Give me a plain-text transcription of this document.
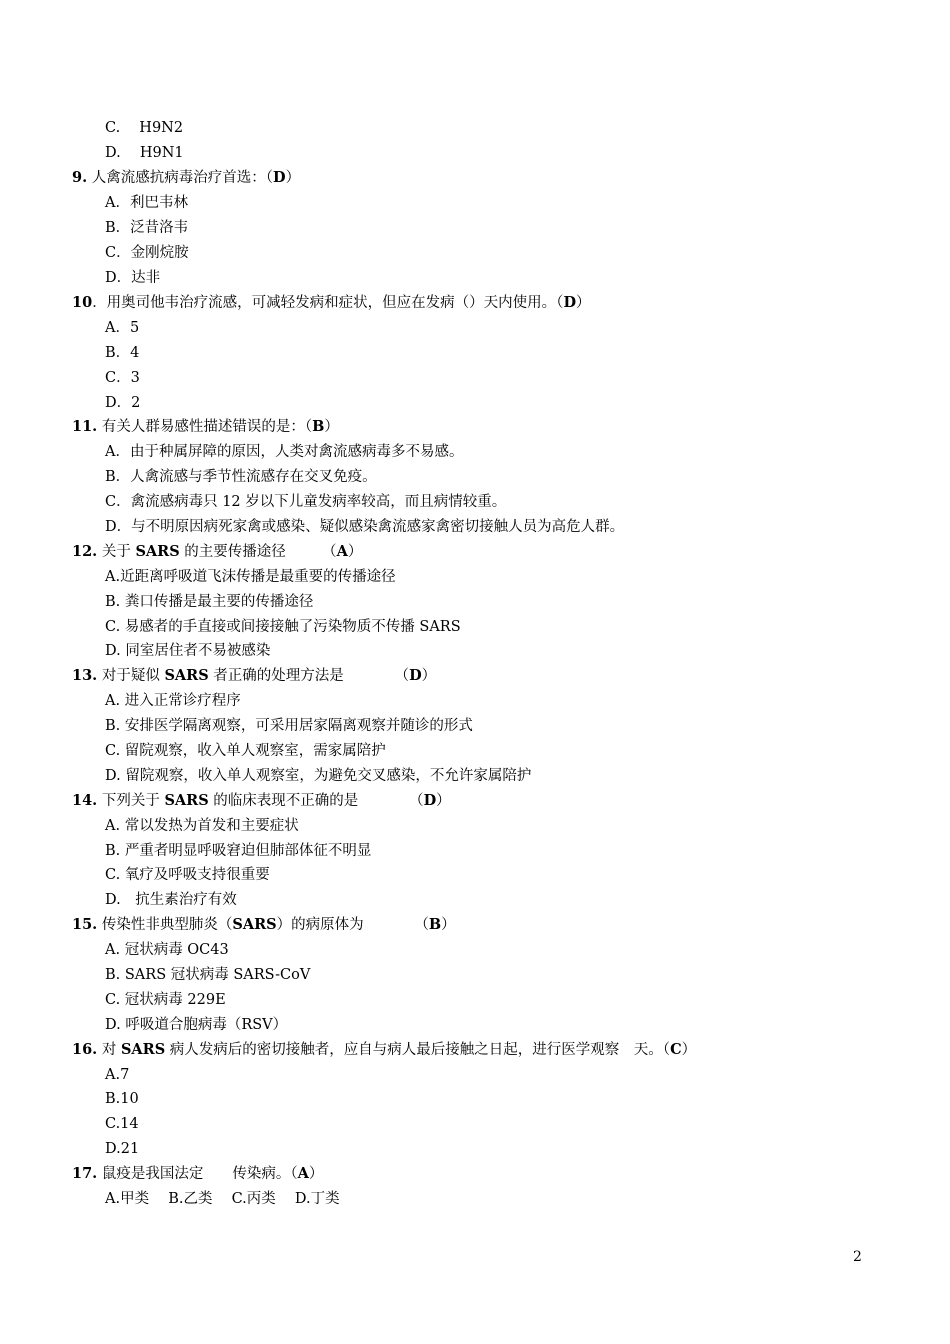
C.　 H9N2
D.　 H9N1
9. 人禽流感抗病毒治疗首选：（D）
A．利巴韦林
B．泛昔洛韦
C．金刚烷胺
D．达非
10．用奥司他韦治疗流感，可减轻发病和症状，但应在发病（）天内使用。（D）
A．5
B．4
C．3
D．2
11. 有关人群易感性描述错误的是：（B）
A．由于种属屏障的原因，人类对禽流感病毒多不易感。
B．人禽流感与季节性流感存在交叉免疫。
C．禽流感病毒只 12 岁以下儿童发病率较高，而且病情较重。
D．与不明原因病死家禽或感染、疑似感染禽流感家禽密切接触人员为高危人群。
12. 关于 SARS 的主要传播途径　　　（A）
A.近距离呼吸道飞沫传播是最重要的传播途径
B. 粪口传播是最主要的传播途径
C. 易感者的手直接或间接接触了污染物质不传播 SARS
D. 同室居住者不易被感染
13. 对于疑似 SARS 者正确的处理方法是　　　　（D）
A. 进入正常诊疗程序
B. 安排医学隔离观察，可采用居家隔离观察并随诊的形式
C. 留院观察，收入单人观察室，需家属陪护
D. 留院观察，收入单人观察室，为避免交叉感染，不允许家属陪护
14. 下列关于 SARS 的临床表现不正确的是　　　　（D）
A. 常以发热为首发和主要症状
B. 严重者明显呼吸窘迫但肺部体征不明显
C. 氧疗及呼吸支持很重要
D.　抗生素治疗有效
15. 传染性非典型肺炎（SARS）的病原体为　　　　（B）
A. 冠状病毒 OC43
B. SARS 冠状病毒 SARS-CoV
C. 冠状病毒 229E
D. 呼吸道合胞病毒（RSV）
16. 对 SARS 病人发病后的密切接触者，应自与病人最后接触之日起，进行医学观察　天。（C）
A.7
B.10
C.14
D.21
17. 鼠疫是我国法定　　传染病。（A）
A.甲类　 B.乙类　 C.丙类　 D.丁类
2
